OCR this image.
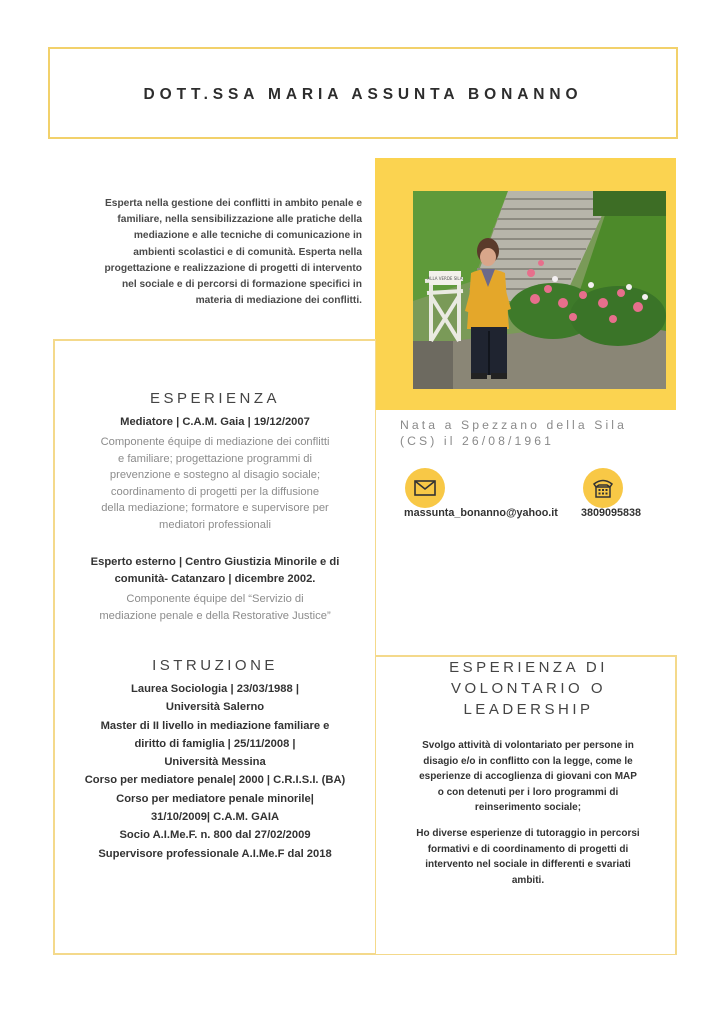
DOTT.SSA MARIA ASSUNTA BONANNO
Esperta nella gestione dei conflitti in ambito penale e
familiare, nella sensibilizzazione alle pratiche della
mediazione e alle tecniche di comunicazione in
ambienti scolastici e di comunità. Esperta nella
progettazione e realizzazione di progetti di intervento
nel sociale e di percorsi di formazione specifici in
materia di mediazione dei conflitti.
ALLA VERDE SILA
Nata a Spezzano della Sila
(CS) il 26/08/1961
massunta_bonanno@yahoo.it 3809095838
ESPERIENZA
Mediatore | C.A.M. Gaia | 19/12/2007
Componente équipe di mediazione dei conflitti
e familiare; progettazione programmi di
prevenzione e sostegno al disagio sociale;
coordinamento di progetti per la diffusione
della mediazione; formatore e supervisore per
mediatori professionali
Esperto esterno | Centro Giustizia Minorile e di
comunità- Catanzaro | dicembre 2002.
Componente équipe del “Servizio di
mediazione penale e della Restorative Justice”
ISTRUZIONE
Laurea Sociologia | 23/03/1988 |
Università Salerno
Master di II livello in mediazione familiare e
diritto di famiglia | 25/11/2008 |
Università Messina
Corso per mediatore penale| 2000 | C.R.I.S.I. (BA)
Corso per mediatore penale minorile|
31/10/2009| C.A.M. GAIA
Socio A.I.Me.F. n. 800 dal 27/02/2009
Supervisore professionale A.I.Me.F dal 2018
ESPERIENZA DI
VOLONTARIO O
LEADERSHIP
Svolgo attività di volontariato per persone in
disagio e/o in conflitto con la legge, come le
esperienze di accoglienza di giovani con MAP
o con detenuti per i loro programmi di
reinserimento sociale;
Ho diverse esperienze di tutoraggio in percorsi
formativi e di coordinamento di progetti di
intervento nel sociale in differenti e svariati
ambiti.
